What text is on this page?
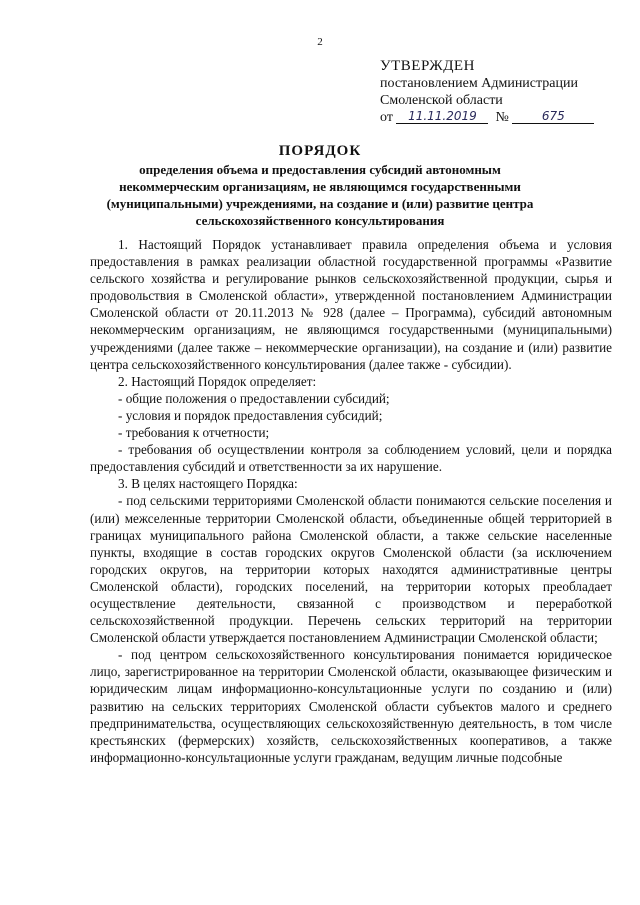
2
УТВЕРЖДЕН
постановлением Администрации
Смоленской области
от 11.11.2019 №	675
ПОРЯДОК
определения объема и предоставления субсидий автономным некоммерческим организациям, не являющимся государственными (муниципальными) учреждениями, на создание и (или) развитие центра сельскохозяйственного консультирования

1. Настоящий Порядок устанавливает правила определения объема и условия предоставления в рамках реализации областной государственной программы «Развитие сельского хозяйства и регулирование рынков сельскохозяйственной продукции, сырья и продовольствия в Смоленской области», утвержденной постановлением Администрации Смоленской области от 20.11.2013 № 928 (далее – Программа), субсидий автономным некоммерческим организациям, не являющимся государственными (муниципальными) учреждениями (далее также – некоммерческие организации), на создание и (или) развитие центра сельскохозяйственного консультирования (далее также - субсидии).

2. Настоящий Порядок определяет:

- общие положения о предоставлении субсидий;

- условия и порядок предоставления субсидий;

- требования к отчетности;

- требования об осуществлении контроля за соблюдением условий, цели и порядка предоставления субсидий и ответственности за их нарушение.

3. В целях настоящего Порядка:

- под сельскими территориями Смоленской области понимаются сельские поселения и (или) межселенные территории Смоленской области, объединенные общей территорией в границах муниципального района Смоленской области, а также сельские населенные пункты, входящие в состав городских округов Смоленской области (за исключением городских округов, на территории которых находятся административные центры Смоленской области), городских поселений, на территории которых преобладает осуществление деятельности, связанной с производством и переработкой сельскохозяйственной продукции. Перечень сельских территорий на территории Смоленской области утверждается постановлением Администрации Смоленской области;

- под центром сельскохозяйственного консультирования понимается юридическое лицо, зарегистрированное на территории Смоленской области, оказывающее физическим и юридическим лицам информационно-консультационные услуги по созданию и (или) развитию на сельских территориях Смоленской области субъектов малого и среднего предпринимательства, осуществляющих сельскохозяйственную деятельность, в том числе крестьянских (фермерских) хозяйств, сельскохозяйственных кооперативов, а также информационно-консультационные услуги гражданам, ведущим личные подсобные
